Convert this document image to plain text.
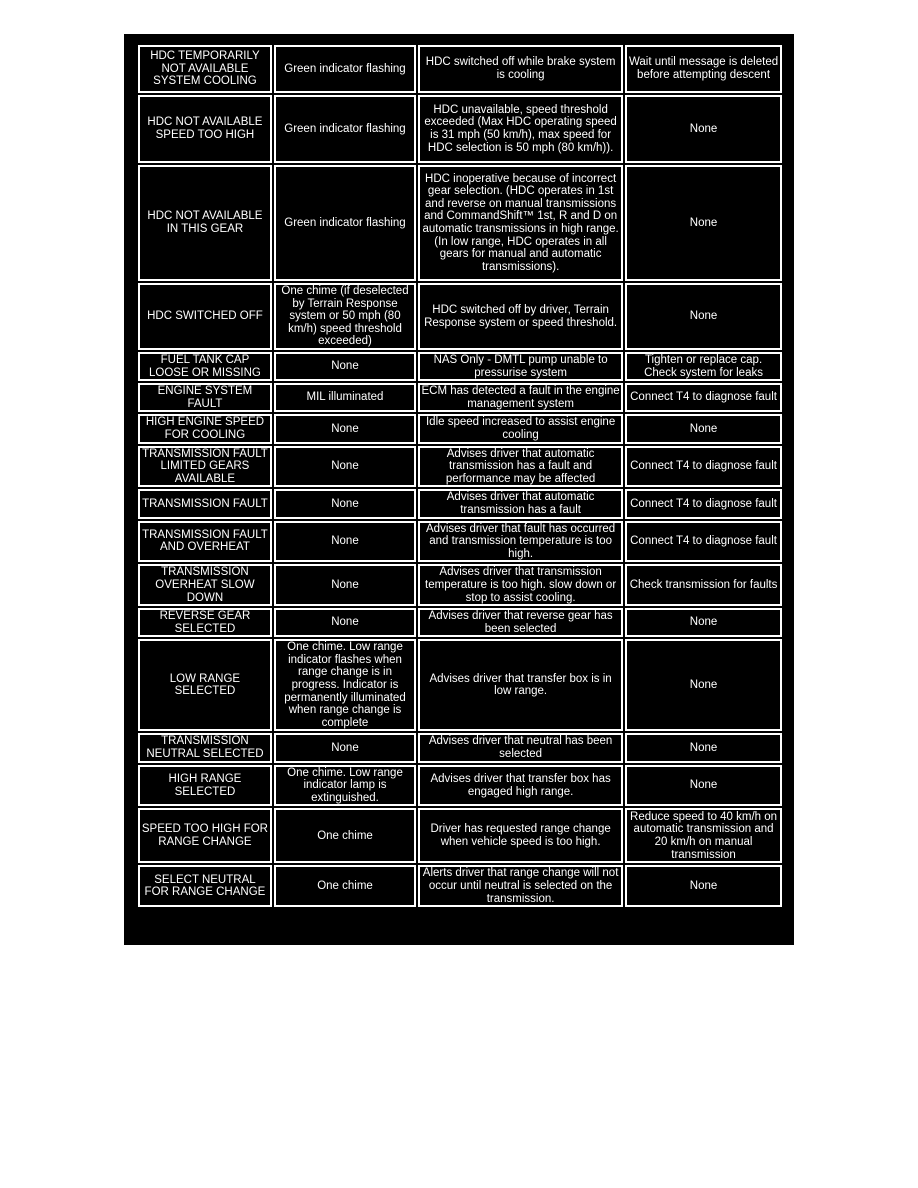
HDC TEMPORARILY NOT AVAILABLE SYSTEM COOLING	Green indicator flashing	HDC switched off while brake system is cooling	Wait until message is deleted before attempting descent
HDC NOT AVAILABLE SPEED TOO HIGH	Green indicator flashing	HDC unavailable, speed threshold exceeded (Max HDC operating speed is 31 mph (50 km/h), max speed for HDC selection is 50 mph (80 km/h)).	None
HDC NOT AVAILABLE IN THIS GEAR	Green indicator flashing	HDC inoperative because of incorrect gear selection. (HDC operates in 1st and reverse on manual transmissions and CommandShift™ 1st, R and D on automatic transmissions in high range. (In low range, HDC operates in all gears for manual and automatic transmissions).	None
HDC SWITCHED OFF	One chime (if deselected by Terrain Response system or 50 mph (80 km/h) speed threshold exceeded)	HDC switched off by driver, Terrain Response system or speed threshold.	None
FUEL TANK CAP LOOSE OR MISSING	None	NAS Only - DMTL pump unable to pressurise system	Tighten or replace cap. Check system for leaks
ENGINE SYSTEM FAULT	MIL illuminated	ECM has detected a fault in the engine management system	Connect T4 to diagnose fault
HIGH ENGINE SPEED FOR COOLING	None	Idle speed increased to assist engine cooling	None
TRANSMISSION FAULT LIMITED GEARS AVAILABLE	None	Advises driver that automatic transmission has a fault and performance may be affected	Connect T4 to diagnose fault
TRANSMISSION FAULT	None	Advises driver that automatic transmission has a fault	Connect T4 to diagnose fault
TRANSMISSION FAULT AND OVERHEAT	None	Advises driver that fault has occurred and transmission temperature is too high.	Connect T4 to diagnose fault
TRANSMISSION OVERHEAT SLOW DOWN	None	Advises driver that transmission temperature is too high. slow down or stop to assist cooling.	Check transmission for faults
REVERSE GEAR SELECTED	None	Advises driver that reverse gear has been selected	None
LOW RANGE SELECTED	One chime. Low range indicator flashes when range change is in progress. Indicator is permanently illuminated when range change is complete	Advises driver that transfer box is in low range.	None
TRANSMISSION NEUTRAL SELECTED	None	Advises driver that neutral has been selected	None
HIGH RANGE SELECTED	One chime. Low range indicator lamp is extinguished.	Advises driver that transfer box has engaged high range.	None
SPEED TOO HIGH FOR RANGE CHANGE	One chime	Driver has requested range change when vehicle speed is too high.	Reduce speed to 40 km/h on automatic transmission and 20 km/h on manual transmission
SELECT NEUTRAL FOR RANGE CHANGE	One chime	Alerts driver that range change will not occur until neutral is selected on the transmission.	None
